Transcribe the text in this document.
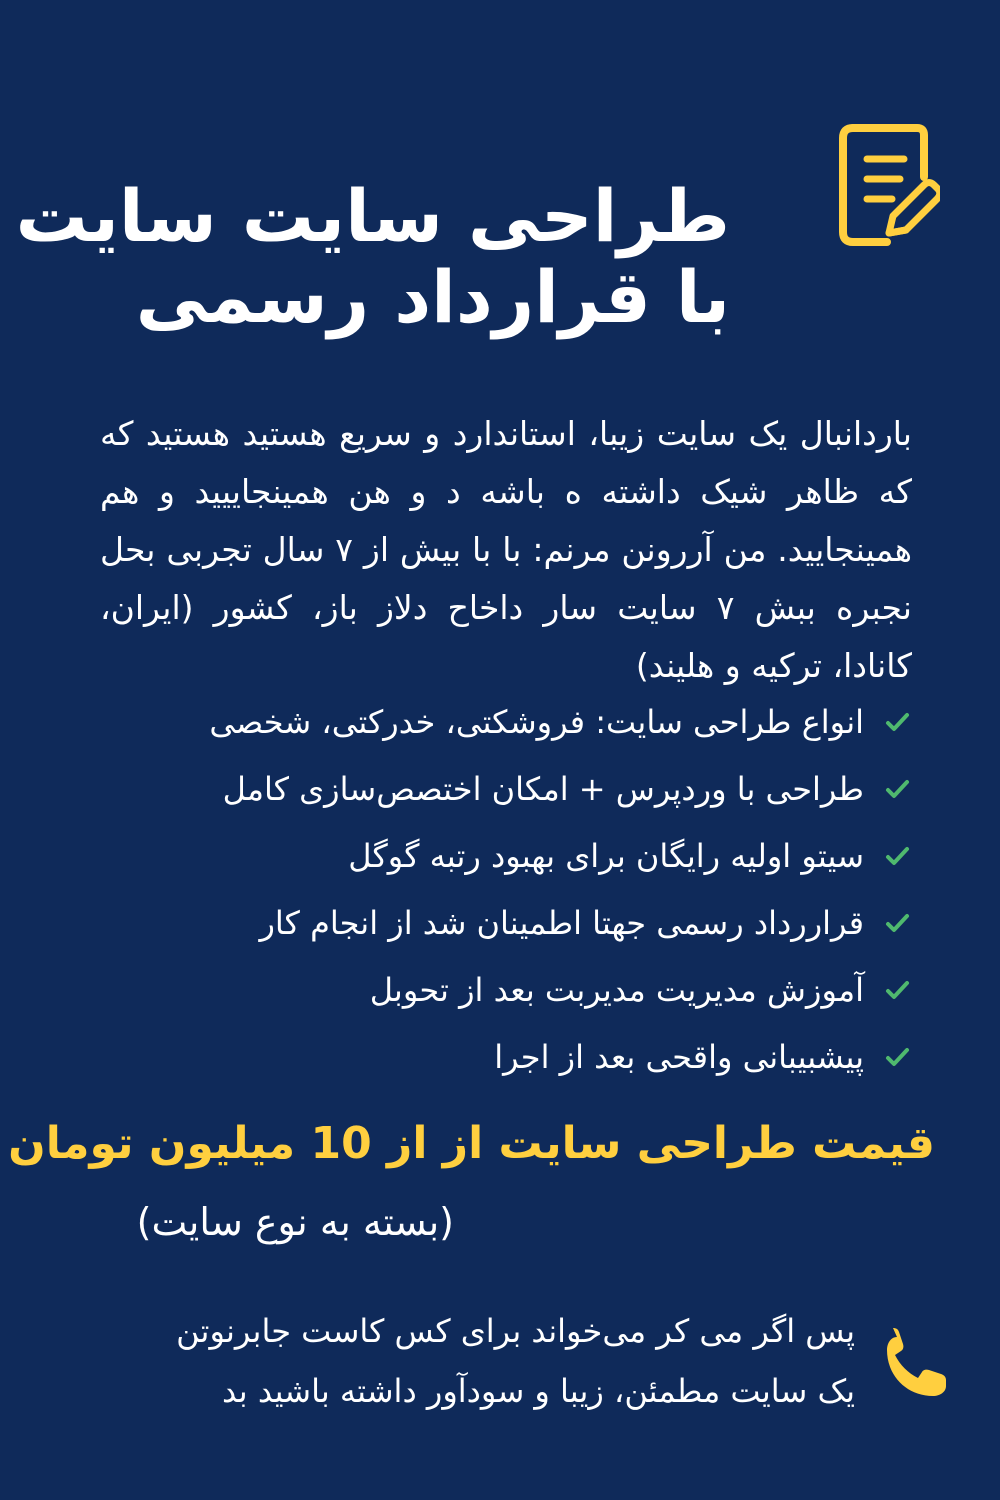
طراحی سایت سایت
با قرارداد رسمی

باردانبال یک سایت زیبا، استاندارد و سریع هستید هستید که که ظاهر شیک داشته ه باشه د و هن همینجاییید و هم همینجایید. من آررونن مرنم: با با بیش از ۷ سال تجربی بحل نجبره ببش ۷ سایت سار داخاح دلاز باز، کشور (ایران، کانادا، ترکیه و هلیند)

انواع طراحی سایت: فروشکتی، خدرکتی، شخصی
طراحی با وردپرس + امکان اختصص‌سازی کامل
سیتو اولیه رایگان برای بهبود رتبه گوگل
قراررداد رسمی جهتا اطمینان شد از انجام کار
آموزش مدیریت مدیربت بعد از تحوبل
پیشبیبانی واقحی بعد از اجرا
قیمت طراحی سایت از از 10 میلیون تومان
(بسته به نوع سایت)
پس اگر می کر می‌خواند برای کس کاست جابرنوتن
یک سایت مطمئن، زیبا و سودآور داشته باشید بد
